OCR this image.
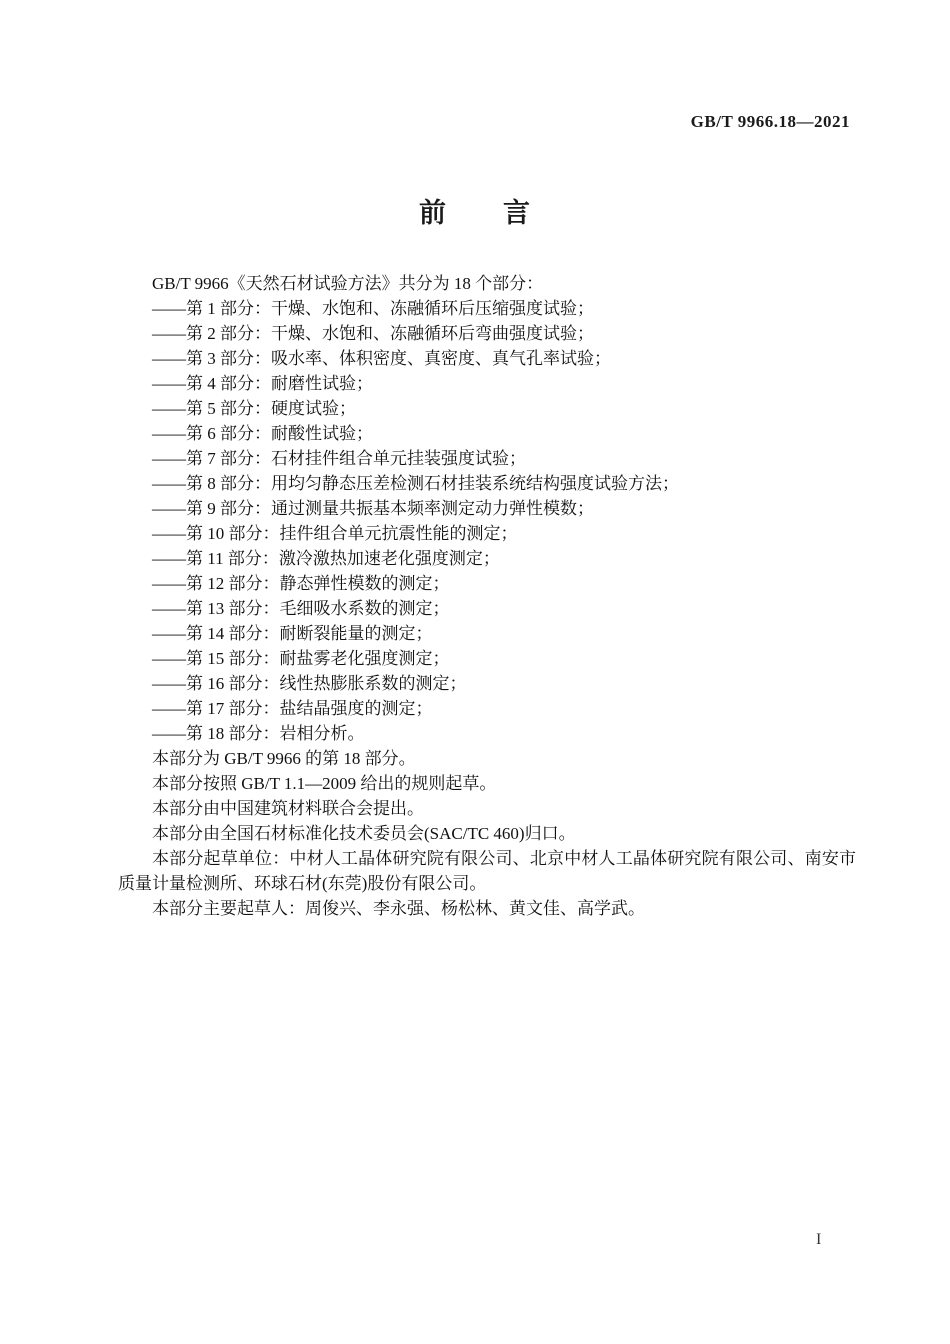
GB/T 9966.18—2021
前　　言

GB/T 9966《天然石材试验方法》共分为 18 个部分：

——第 1 部分：干燥、水饱和、冻融循环后压缩强度试验；

——第 2 部分：干燥、水饱和、冻融循环后弯曲强度试验；

——第 3 部分：吸水率、体积密度、真密度、真气孔率试验；

——第 4 部分：耐磨性试验；

——第 5 部分：硬度试验；

——第 6 部分：耐酸性试验；

——第 7 部分：石材挂件组合单元挂装强度试验；

——第 8 部分：用均匀静态压差检测石材挂装系统结构强度试验方法；

——第 9 部分：通过测量共振基本频率测定动力弹性模数；

——第 10 部分：挂件组合单元抗震性能的测定；

——第 11 部分：激冷激热加速老化强度测定；

——第 12 部分：静态弹性模数的测定；

——第 13 部分：毛细吸水系数的测定；

——第 14 部分：耐断裂能量的测定；

——第 15 部分：耐盐雾老化强度测定；

——第 16 部分：线性热膨胀系数的测定；

——第 17 部分：盐结晶强度的测定；

——第 18 部分：岩相分析。

本部分为 GB/T 9966 的第 18 部分。

本部分按照 GB/T 1.1—2009 给出的规则起草。

本部分由中国建筑材料联合会提出。

本部分由全国石材标准化技术委员会(SAC/TC 460)归口。

本部分起草单位：中材人工晶体研究院有限公司、北京中材人工晶体研究院有限公司、南安市质量计量检测所、环球石材(东莞)股份有限公司。

本部分主要起草人：周俊兴、李永强、杨松林、黄文佳、高学武。

I
